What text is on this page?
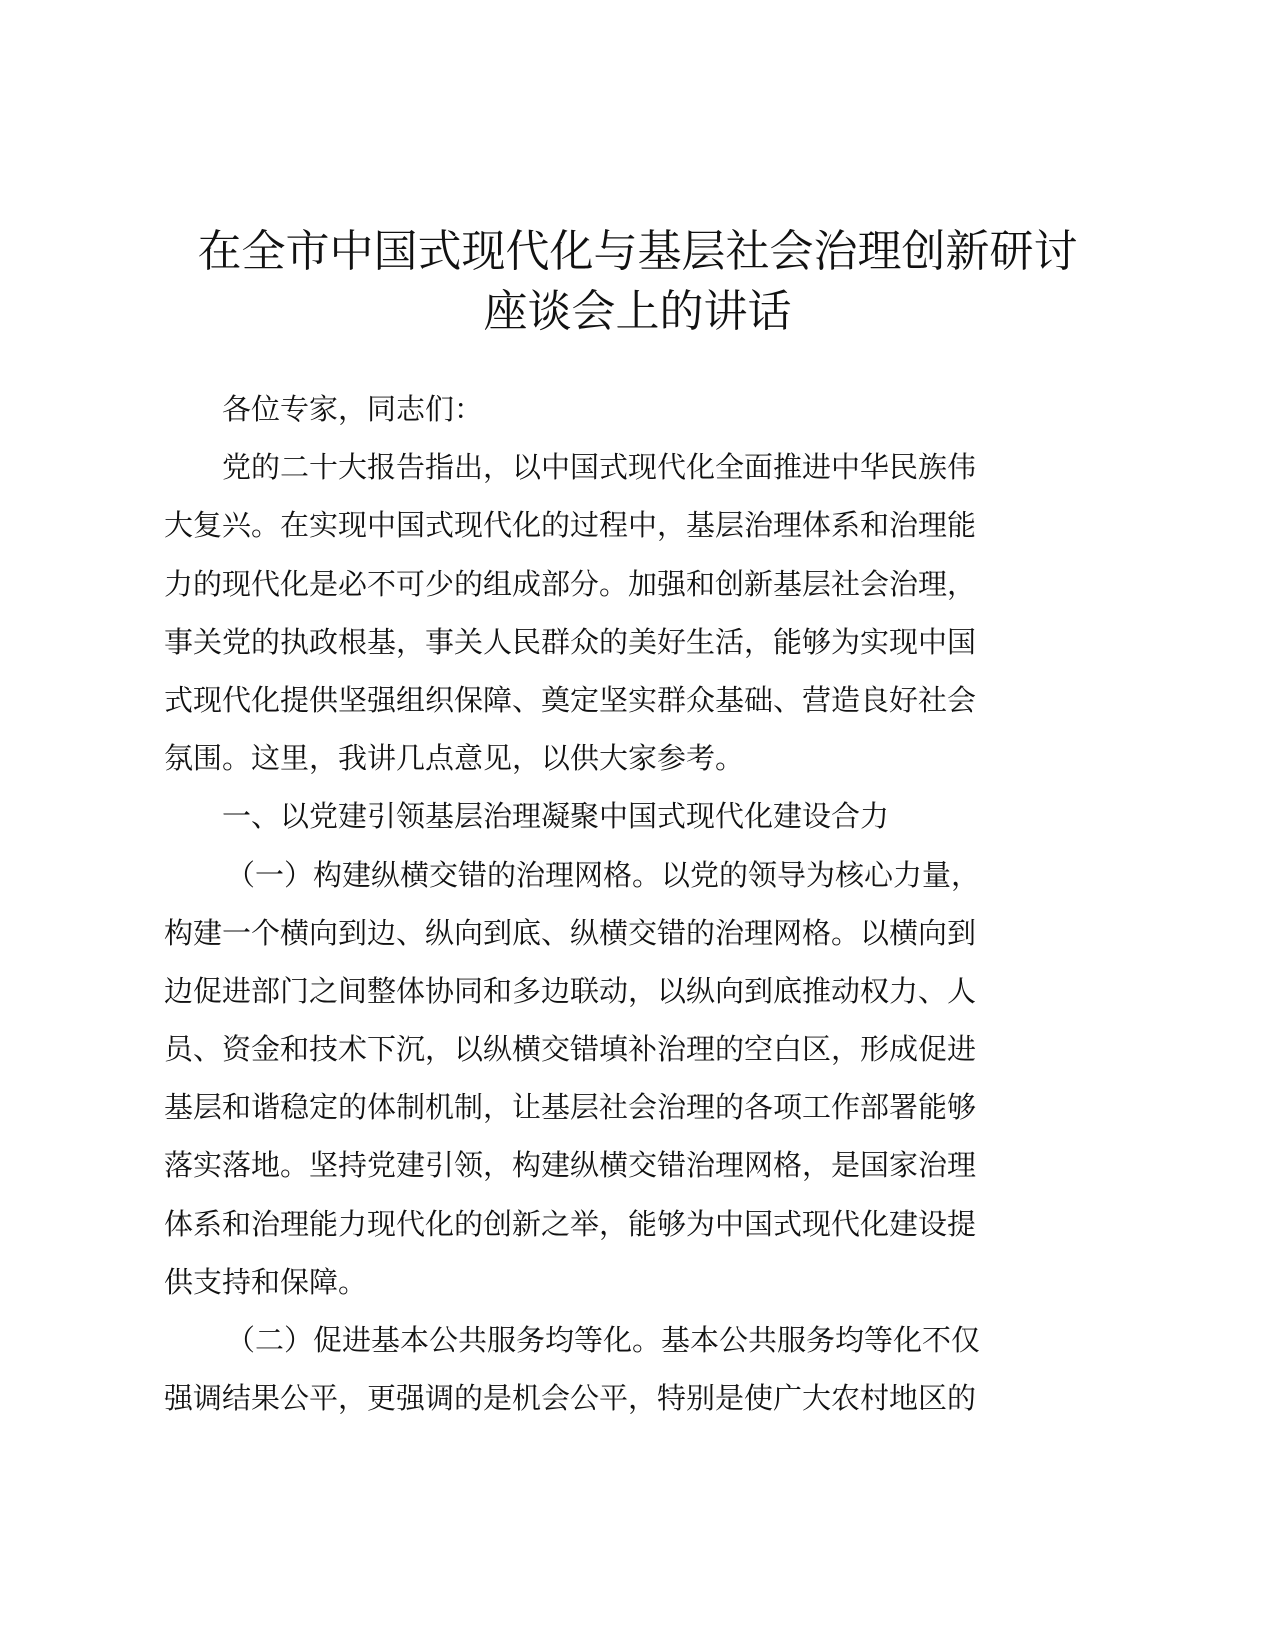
在全市中国式现代化与基层社会治理创新研讨
座谈会上的讲话

各位专家，同志们：

党的二十大报告指出，以中国式现代化全面推进中华民族伟

大复兴。在实现中国式现代化的过程中，基层治理体系和治理能

力的现代化是必不可少的组成部分。加强和创新基层社会治理，

事关党的执政根基，事关人民群众的美好生活，能够为实现中国

式现代化提供坚强组织保障、奠定坚实群众基础、营造良好社会

氛围。这里，我讲几点意见，以供大家参考。

一、以党建引领基层治理凝聚中国式现代化建设合力

（一）构建纵横交错的治理网格。以党的领导为核心力量，

构建一个横向到边、纵向到底、纵横交错的治理网格。以横向到

边促进部门之间整体协同和多边联动，以纵向到底推动权力、人

员、资金和技术下沉，以纵横交错填补治理的空白区，形成促进

基层和谐稳定的体制机制，让基层社会治理的各项工作部署能够

落实落地。坚持党建引领，构建纵横交错治理网格，是国家治理

体系和治理能力现代化的创新之举，能够为中国式现代化建设提

供支持和保障。

（二）促进基本公共服务均等化。基本公共服务均等化不仅

强调结果公平，更强调的是机会公平，特别是使广大农村地区的
